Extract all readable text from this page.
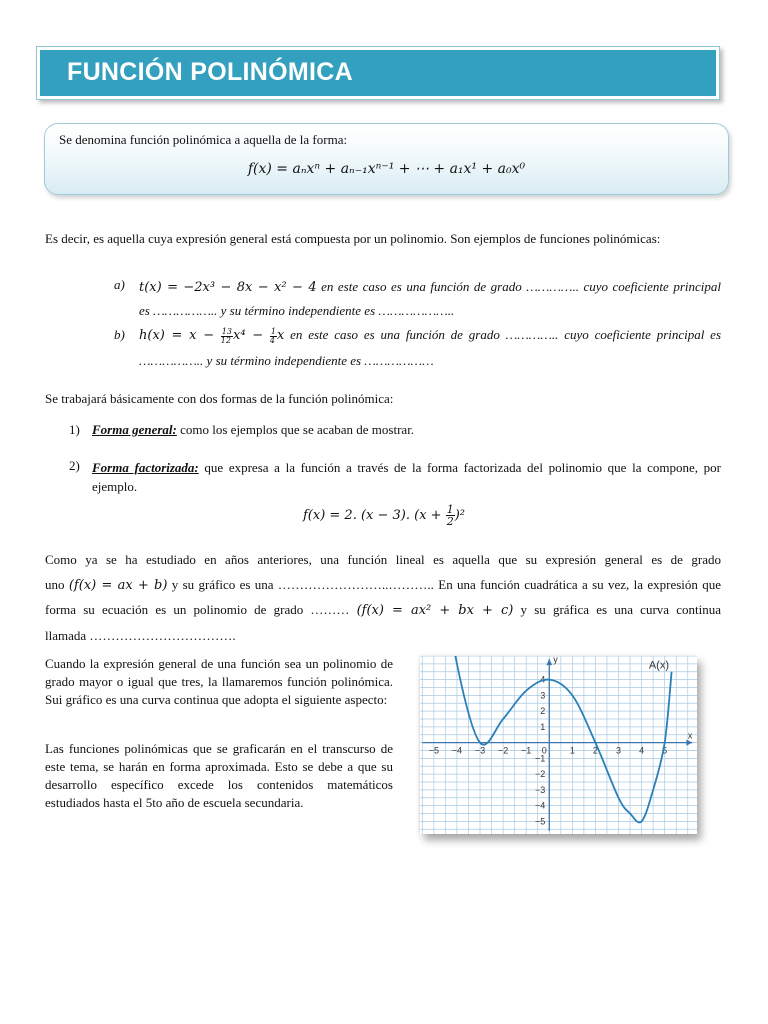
FUNCIÓN POLINÓMICA
Se denomina función polinómica a aquella de la forma:
f(x) = aₙxⁿ + aₙ₋₁xⁿ⁻¹ + ⋯ + a₁x¹ + a₀x⁰
Es decir, es aquella cuya expresión general está compuesta por un polinomio. Son ejemplos de funciones polinómicas:
a) t(x) = −2x³ − 8x − x² − 4 en este caso es una función de grado ………….. cuyo coeficiente principal
es …………….. y su término independiente es ………………..
b) $h(x) = x - \frac{13}{12} x^4 - \frac{1}{4}$ x en este caso es una función de grado ………….. cuyo coeficiente principal es
…………….. y su término independiente es ………………
Se trabajará básicamente con dos formas de la función polinómica:
1) Forma general: como los ejemplos que se acaban de mostrar.
2) Forma factorizada: que expresa a la función a través de la forma factorizada del polinomio que la compone, por ejemplo.
f(x) = 2. (x − 3). $(x + \frac{1}{2} )^2$
Como ya se ha estudiado en años anteriores, una función lineal es aquella que su expresión general es de grado
uno (f(x) = ax + b) y su gráfico es una ……………………..……….. En una función cuadrática a su vez, la expresión que
forma su ecuación es un polinomio de grado ……… (f(x) = ax² + bx + c) y su gráfica es una curva continua
llamada …………………………….
Cuando la expresión general de una función sea un polinomio de grado mayor o igual que tres, la llamaremos función polinómica. Sui gráfico es una curva continua que adopta el siguiente aspecto:
Las funciones polinómicas que se graficarán en el transcurso de este tema, se harán en forma aproximada. Esto se debe a que su desarrollo específico excede los contenidos matemáticos estudiados hasta el 5to año de escuela secundaria.
−5 −4 −3 −2 −1 0	1 2 3 4 5
4
3
2
1
−1
−2
−3
−4
−5
x
y
A(x)
